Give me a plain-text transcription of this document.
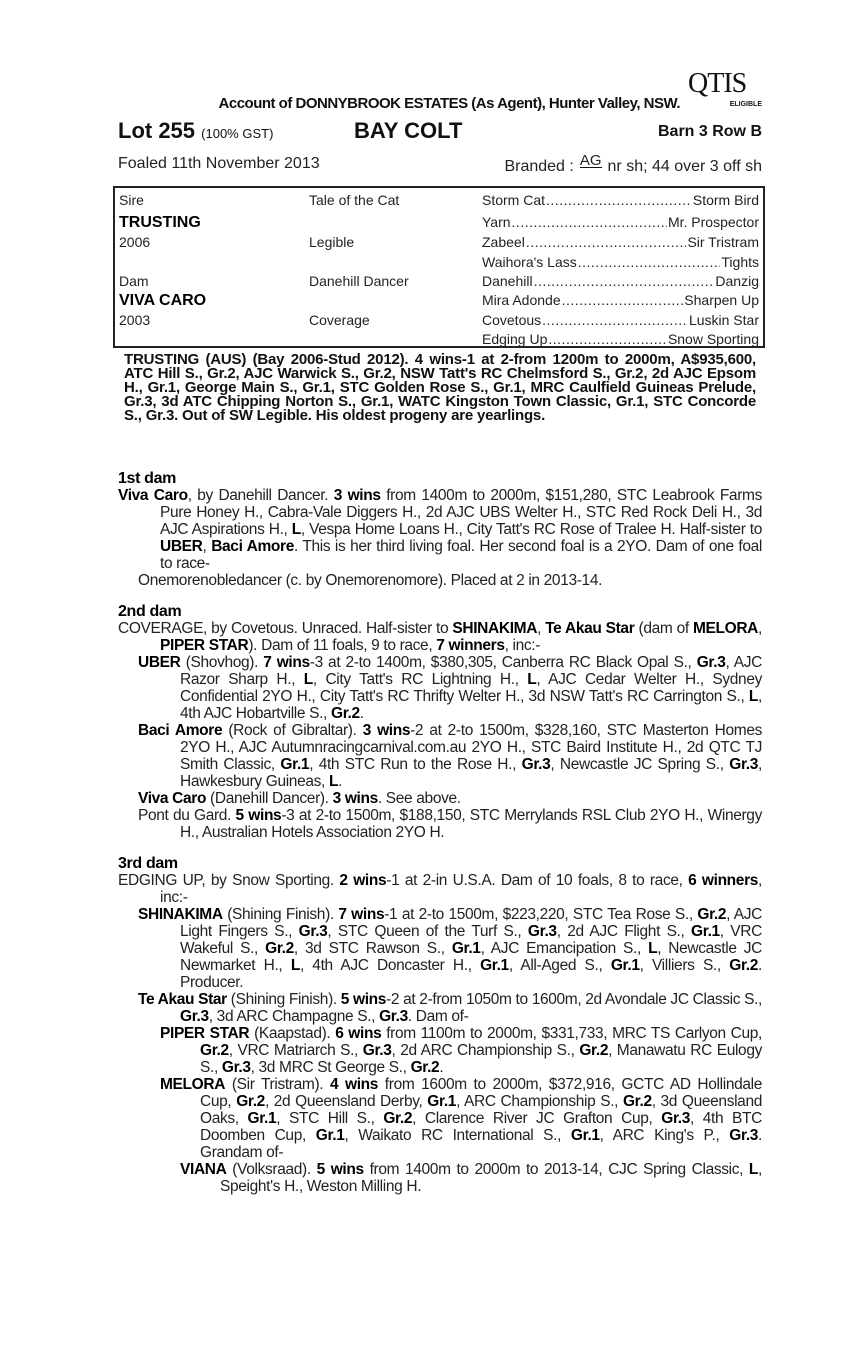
Account of DONNYBROOK ESTATES (As Agent), Hunter Valley, NSW.
QTIS
ELIGIBLE
Lot 255 (100% GST)	BAY COLT	Barn 3 Row B
Foaled 11th November 2013	Branded : AG nr sh; 44 over 3 off sh
Sire	Tale of the Cat	Storm Cat .....	Storm Bird
TRUSTING	Yarn .....	Mr. Prospector
2006	Legible	Zabeel .....	Sir Tristram
Waihora's Lass .....	Tights
Dam	Danehill Dancer	Danehill .....	Danzig
VIVA CARO	Mira Adonde .....	Sharpen Up
2003	Coverage	Covetous .....	Luskin Star
Edging Up .....	Snow Sporting
TRUSTING (AUS) (Bay 2006-Stud 2012). 4 wins-1 at 2-from 1200m to 2000m, A$935,600, ATC Hill S., Gr.2, AJC Warwick S., Gr.2, NSW Tatt's RC Chelmsford S., Gr.2, 2d AJC Epsom H., Gr.1, George Main S., Gr.1, STC Golden Rose S., Gr.1, MRC Caulfield Guineas Prelude, Gr.3, 3d ATC Chipping Norton S., Gr.1, WATC Kingston Town Classic, Gr.1, STC Concorde S., Gr.3. Out of SW Legible. His oldest progeny are yearlings.
1st dam
Viva Caro, by Danehill Dancer. 3 wins from 1400m to 2000m, $151,280, STC Leabrook Farms Pure Honey H., Cabra-Vale Diggers H., 2d AJC UBS Welter H., STC Red Rock Deli H., 3d AJC Aspirations H., L, Vespa Home Loans H., City Tatt's RC Rose of Tralee H. Half-sister to UBER, Baci Amore. This is her third living foal. Her second foal is a 2YO. Dam of one foal to race-
Onemorenobledancer (c. by Onemorenomore). Placed at 2 in 2013-14.
2nd dam
COVERAGE, by Covetous. Unraced. Half-sister to SHINAKIMA, Te Akau Star (dam of MELORA, PIPER STAR). Dam of 11 foals, 9 to race, 7 winners, inc:-
UBER (Shovhog). 7 wins-3 at 2-to 1400m, $380,305, Canberra RC Black Opal S., Gr.3, AJC Razor Sharp H., L, City Tatt's RC Lightning H., L, AJC Cedar Welter H., Sydney Confidential 2YO H., City Tatt's RC Thrifty Welter H., 3d NSW Tatt's RC Carrington S., L, 4th AJC Hobartville S., Gr.2.
Baci Amore (Rock of Gibraltar). 3 wins-2 at 2-to 1500m, $328,160, STC Masterton Homes 2YO H., AJC Autumnracingcarnival.com.au 2YO H., STC Baird Institute H., 2d QTC TJ Smith Classic, Gr.1, 4th STC Run to the Rose H., Gr.3, Newcastle JC Spring S., Gr.3, Hawkesbury Guineas, L.
Viva Caro (Danehill Dancer). 3 wins. See above.
Pont du Gard. 5 wins-3 at 2-to 1500m, $188,150, STC Merrylands RSL Club 2YO H., Winergy H., Australian Hotels Association 2YO H.
3rd dam
EDGING UP, by Snow Sporting. 2 wins-1 at 2-in U.S.A. Dam of 10 foals, 8 to race, 6 winners, inc:-
SHINAKIMA (Shining Finish). 7 wins-1 at 2-to 1500m, $223,220, STC Tea Rose S., Gr.2, AJC Light Fingers S., Gr.3, STC Queen of the Turf S., Gr.3, 2d AJC Flight S., Gr.1, VRC Wakeful S., Gr.2, 3d STC Rawson S., Gr.1, AJC Emancipation S., L, Newcastle JC Newmarket H., L, 4th AJC Doncaster H., Gr.1, All-Aged S., Gr.1, Villiers S., Gr.2. Producer.
Te Akau Star (Shining Finish). 5 wins-2 at 2-from 1050m to 1600m, 2d Avondale JC Classic S., Gr.3, 3d ARC Champagne S., Gr.3. Dam of-
PIPER STAR (Kaapstad). 6 wins from 1100m to 2000m, $331,733, MRC TS Carlyon Cup, Gr.2, VRC Matriarch S., Gr.3, 2d ARC Championship S., Gr.2, Manawatu RC Eulogy S., Gr.3, 3d MRC St George S., Gr.2.
MELORA (Sir Tristram). 4 wins from 1600m to 2000m, $372,916, GCTC AD Hollindale Cup, Gr.2, 2d Queensland Derby, Gr.1, ARC Championship S., Gr.2, 3d Queensland Oaks, Gr.1, STC Hill S., Gr.2, Clarence River JC Grafton Cup, Gr.3, 4th BTC Doomben Cup, Gr.1, Waikato RC International S., Gr.1, ARC King's P., Gr.3. Grandam of-
VIANA (Volksraad). 5 wins from 1400m to 2000m to 2013-14, CJC Spring Classic, L, Speight's H., Weston Milling H.
